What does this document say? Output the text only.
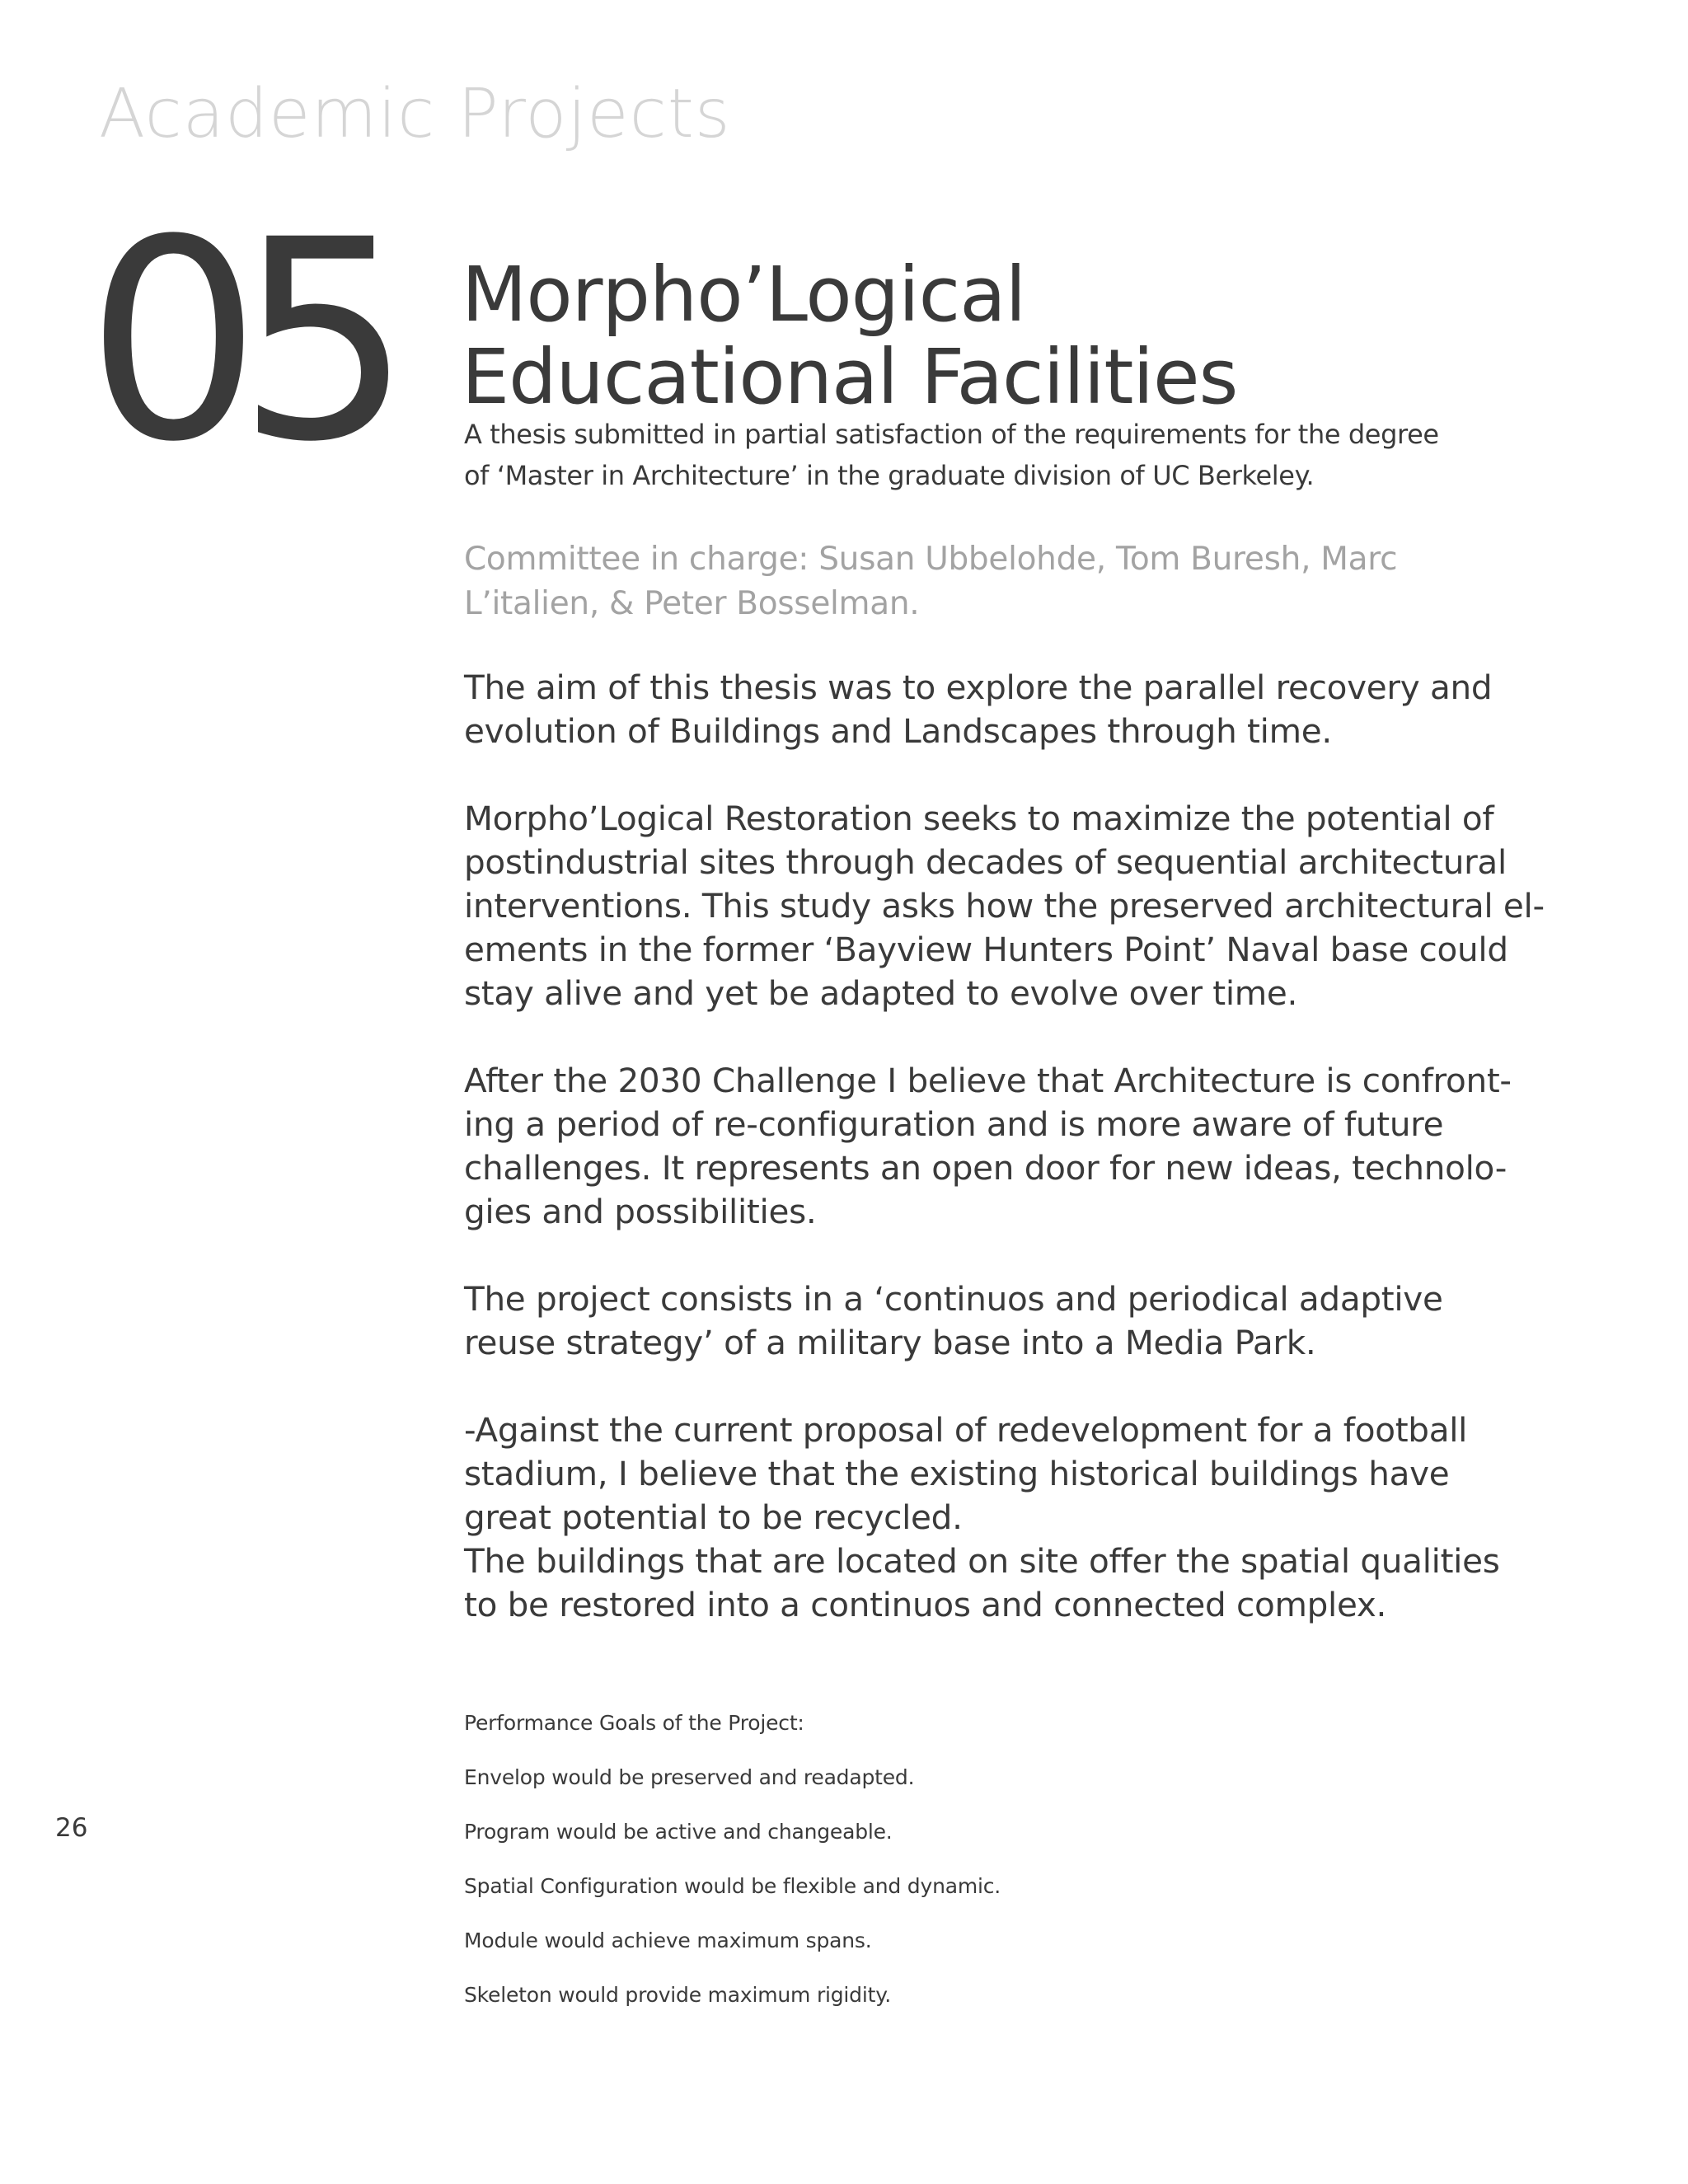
Academic Projects
05 Morpho’Logical
Educational Facilities

A thesis submitted in partial satisfaction of the requirements for the degree
of ‘Master in Architecture’ in the graduate division of UC Berkeley.

Committee in charge: Susan Ubbelohde, Tom Buresh, Marc
L’italien, & Peter Bosselman.

The aim of this thesis was to explore the parallel recovery and
evolution of Buildings and Landscapes through time.

Morpho’Logical Restoration seeks to maximize the potential of
postindustrial sites through decades of sequential architectural
interventions. This study asks how the preserved architectural el-
ements in the former ‘Bayview Hunters Point’ Naval base could
stay alive and yet be adapted to evolve over time.

After the 2030 Challenge I believe that Architecture is confront-
ing a period of re-configuration and is more aware of future
challenges. It represents an open door for new ideas, technolo-
gies and possibilities.

The project consists in a ‘continuos and periodical adaptive
reuse strategy’ of a military base into a Media Park.

-Against the current proposal of redevelopment for a football
stadium, I believe that the existing historical buildings have
great potential to be recycled.

The buildings that are located on site offer the spatial qualities
to be restored into a continuos and connected complex.

Performance Goals of the Project:
Envelop would be preserved and readapted.
Program would be active and changeable.
Spatial Configuration would be flexible and dynamic.
Module would achieve maximum spans.
Skeleton would provide maximum rigidity.
26
